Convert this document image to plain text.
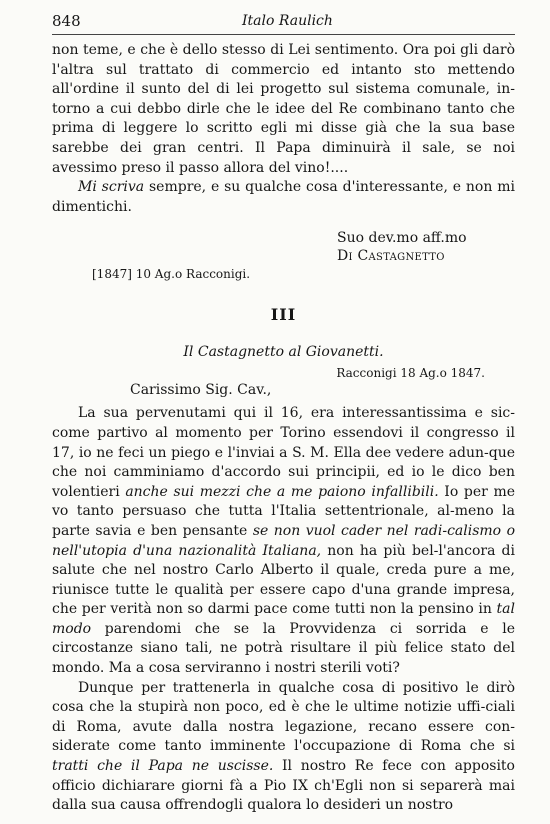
848	Italo Raulich

non teme, e che è dello stesso di Lei sentimento. Ora poi gli darò l'altra sul trattato di commercio ed intanto sto mettendo all'ordine il sunto del di lei progetto sul sistema comunale, in- torno a cui debbo dirle che le idee del Re combinano tanto che prima di leggere lo scritto egli mi disse già che la sua base sarebbe dei gran centri. Il Papa diminuirà il sale, se noi avessimo preso il passo allora del vino!....

Mi scriva sempre, e su qualche cosa d'interessante, e non mi dimentichi.

Suo dev.mo aff.mo
Di Castagnetto
[1847] 10 Ag.o Racconigi.
III
Il Castagnetto al Giovanetti.
Racconigi 18 Ag.o 1847.
Carissimo Sig. Cav.,

La sua pervenutami qui il 16, era interessantissima e sic-come partivo al momento per Torino essendovi il congresso il 17, io ne feci un piego e l'inviai a S. M. Ella dee vedere adun-que che noi camminiamo d'accordo sui principii, ed io le dico ben volentieri anche sui mezzi che a me paiono infallibili. Io per me vo tanto persuaso che tutta l'Italia settentrionale, al-meno la parte savia e ben pensante se non vuol cader nel radi-calismo o nell'utopia d'una nazionalità Italiana, non ha più bel-l'ancora di salute che nel nostro Carlo Alberto il quale, creda pure a me, riunisce tutte le qualità per essere capo d'una grande impresa, che per verità non so darmi pace come tutti non la pensino in tal modo parendomi che se la Provvidenza ci sorrida e le circostanze siano tali, ne potrà risultare il più felice stato del mondo. Ma a cosa serviranno i nostri sterili voti?

Dunque per trattenerla in qualche cosa di positivo le dirò cosa che la stupirà non poco, ed è che le ultime notizie uffi-ciali di Roma, avute dalla nostra legazione, recano essere con-siderate come tanto imminente l'occupazione di Roma che si tratti che il Papa ne uscisse. Il nostro Re fece con apposito officio dichiarare giorni fà a Pio IX ch'Egli non si separerà mai dalla sua causa offrendogli qualora lo desideri un nostro
